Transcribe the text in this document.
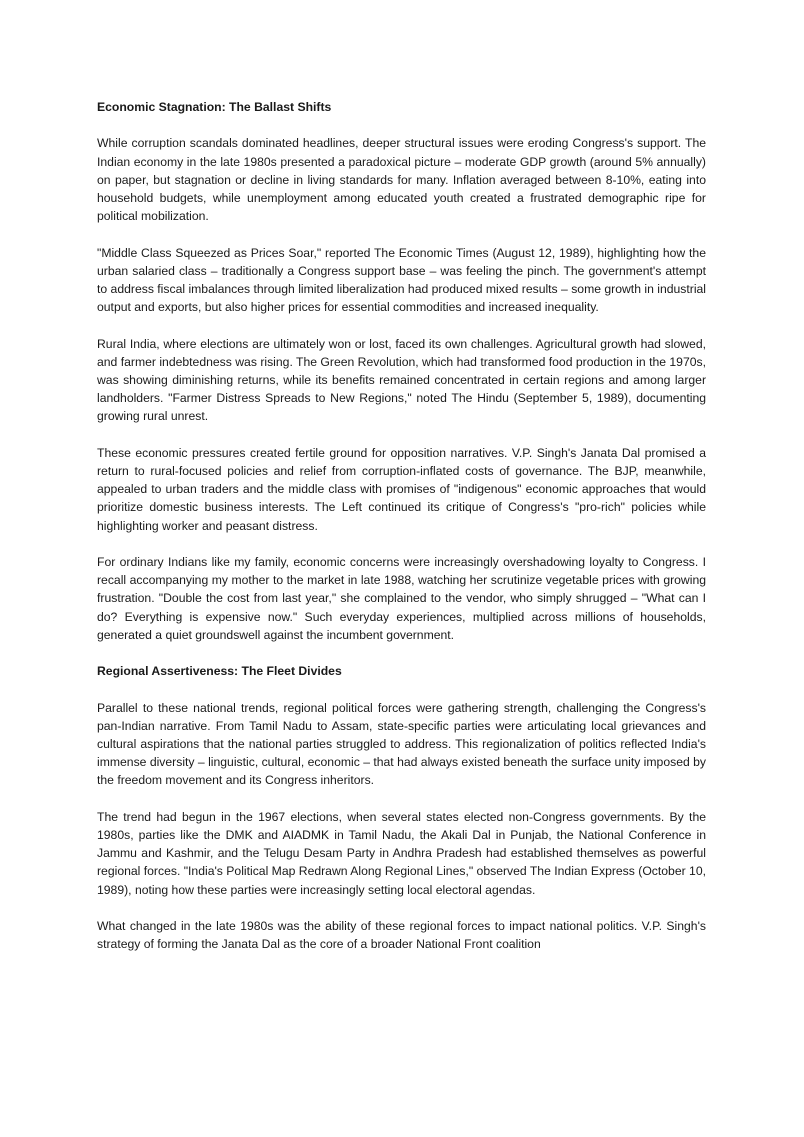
Economic Stagnation: The Ballast Shifts

While corruption scandals dominated headlines, deeper structural issues were eroding Congress's support. The Indian economy in the late 1980s presented a paradoxical picture – moderate GDP growth (around 5% annually) on paper, but stagnation or decline in living standards for many. Inflation averaged between 8-10%, eating into household budgets, while unemployment among educated youth created a frustrated demographic ripe for political mobilization.

"Middle Class Squeezed as Prices Soar," reported The Economic Times (August 12, 1989), highlighting how the urban salaried class – traditionally a Congress support base – was feeling the pinch. The government's attempt to address fiscal imbalances through limited liberalization had produced mixed results – some growth in industrial output and exports, but also higher prices for essential commodities and increased inequality.

Rural India, where elections are ultimately won or lost, faced its own challenges. Agricultural growth had slowed, and farmer indebtedness was rising. The Green Revolution, which had transformed food production in the 1970s, was showing diminishing returns, while its benefits remained concentrated in certain regions and among larger landholders. "Farmer Distress Spreads to New Regions," noted The Hindu (September 5, 1989), documenting growing rural unrest.

These economic pressures created fertile ground for opposition narratives. V.P. Singh's Janata Dal promised a return to rural-focused policies and relief from corruption-inflated costs of governance. The BJP, meanwhile, appealed to urban traders and the middle class with promises of "indigenous" economic approaches that would prioritize domestic business interests. The Left continued its critique of Congress's "pro-rich" policies while highlighting worker and peasant distress.

For ordinary Indians like my family, economic concerns were increasingly overshadowing loyalty to Congress. I recall accompanying my mother to the market in late 1988, watching her scrutinize vegetable prices with growing frustration. "Double the cost from last year," she complained to the vendor, who simply shrugged – "What can I do? Everything is expensive now." Such everyday experiences, multiplied across millions of households, generated a quiet groundswell against the incumbent government.

Regional Assertiveness: The Fleet Divides

Parallel to these national trends, regional political forces were gathering strength, challenging the Congress's pan-Indian narrative. From Tamil Nadu to Assam, state-specific parties were articulating local grievances and cultural aspirations that the national parties struggled to address. This regionalization of politics reflected India's immense diversity – linguistic, cultural, economic – that had always existed beneath the surface unity imposed by the freedom movement and its Congress inheritors.

The trend had begun in the 1967 elections, when several states elected non-Congress governments. By the 1980s, parties like the DMK and AIADMK in Tamil Nadu, the Akali Dal in Punjab, the National Conference in Jammu and Kashmir, and the Telugu Desam Party in Andhra Pradesh had established themselves as powerful regional forces. "India's Political Map Redrawn Along Regional Lines," observed The Indian Express (October 10, 1989), noting how these parties were increasingly setting local electoral agendas.

What changed in the late 1980s was the ability of these regional forces to impact national politics. V.P. Singh's strategy of forming the Janata Dal as the core of a broader National Front coalition
